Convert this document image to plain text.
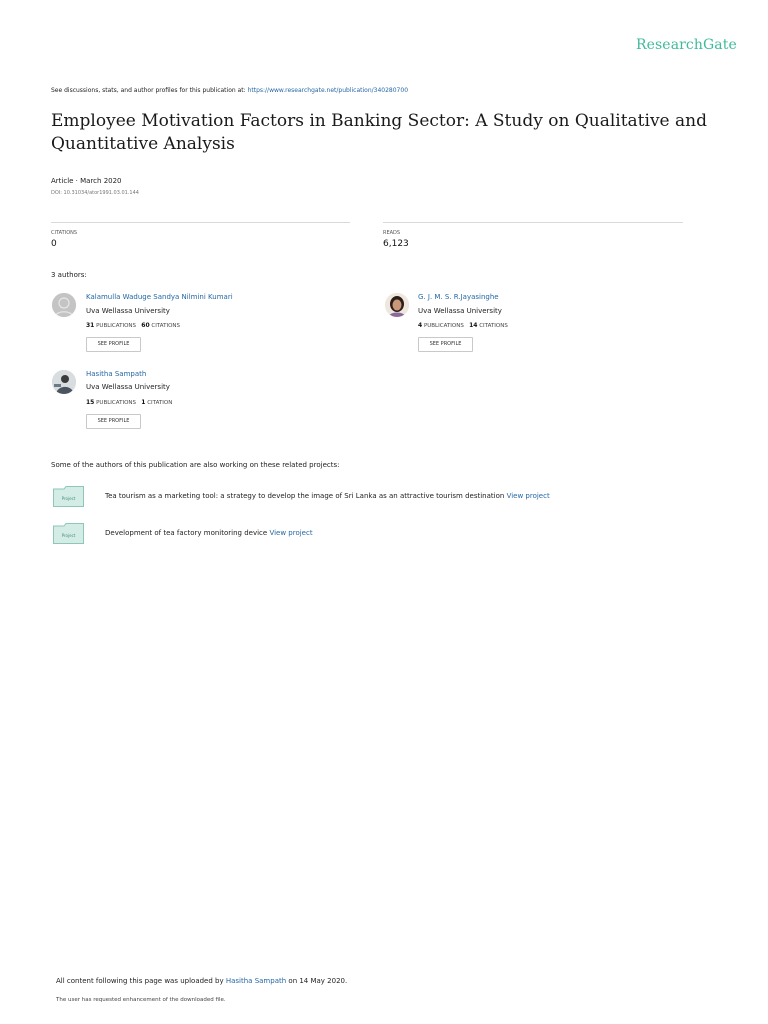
ResearchGate
See discussions, stats, and author profiles for this publication at: https://www.researchgate.net/publication/340280700
Employee Motivation Factors in Banking Sector: A Study on Qualitative and Quantitative Analysis
Article · March 2020
DOI: 10.31034/ator1991.03.01.144
CITATIONS
0
READS
6,123
3 authors:
Kalamulla Waduge Sandya Nilmini Kumari
Uva Wellassa University
31 PUBLICATIONS 60 CITATIONS
SEE PROFILE
G. J. M. S. R.Jayasinghe
Uva Wellassa University
4 PUBLICATIONS 14 CITATIONS
SEE PROFILE
Hasitha Sampath
Uva Wellassa University
15 PUBLICATIONS 1 CITATION
SEE PROFILE
Some of the authors of this publication are also working on these related projects:
Project	Tea tourism as a marketing tool: a strategy to develop the image of Sri Lanka as an attractive tourism destination View project
Project	Development of tea factory monitoring device View project
All content following this page was uploaded by Hasitha Sampath on 14 May 2020.
The user has requested enhancement of the downloaded file.
